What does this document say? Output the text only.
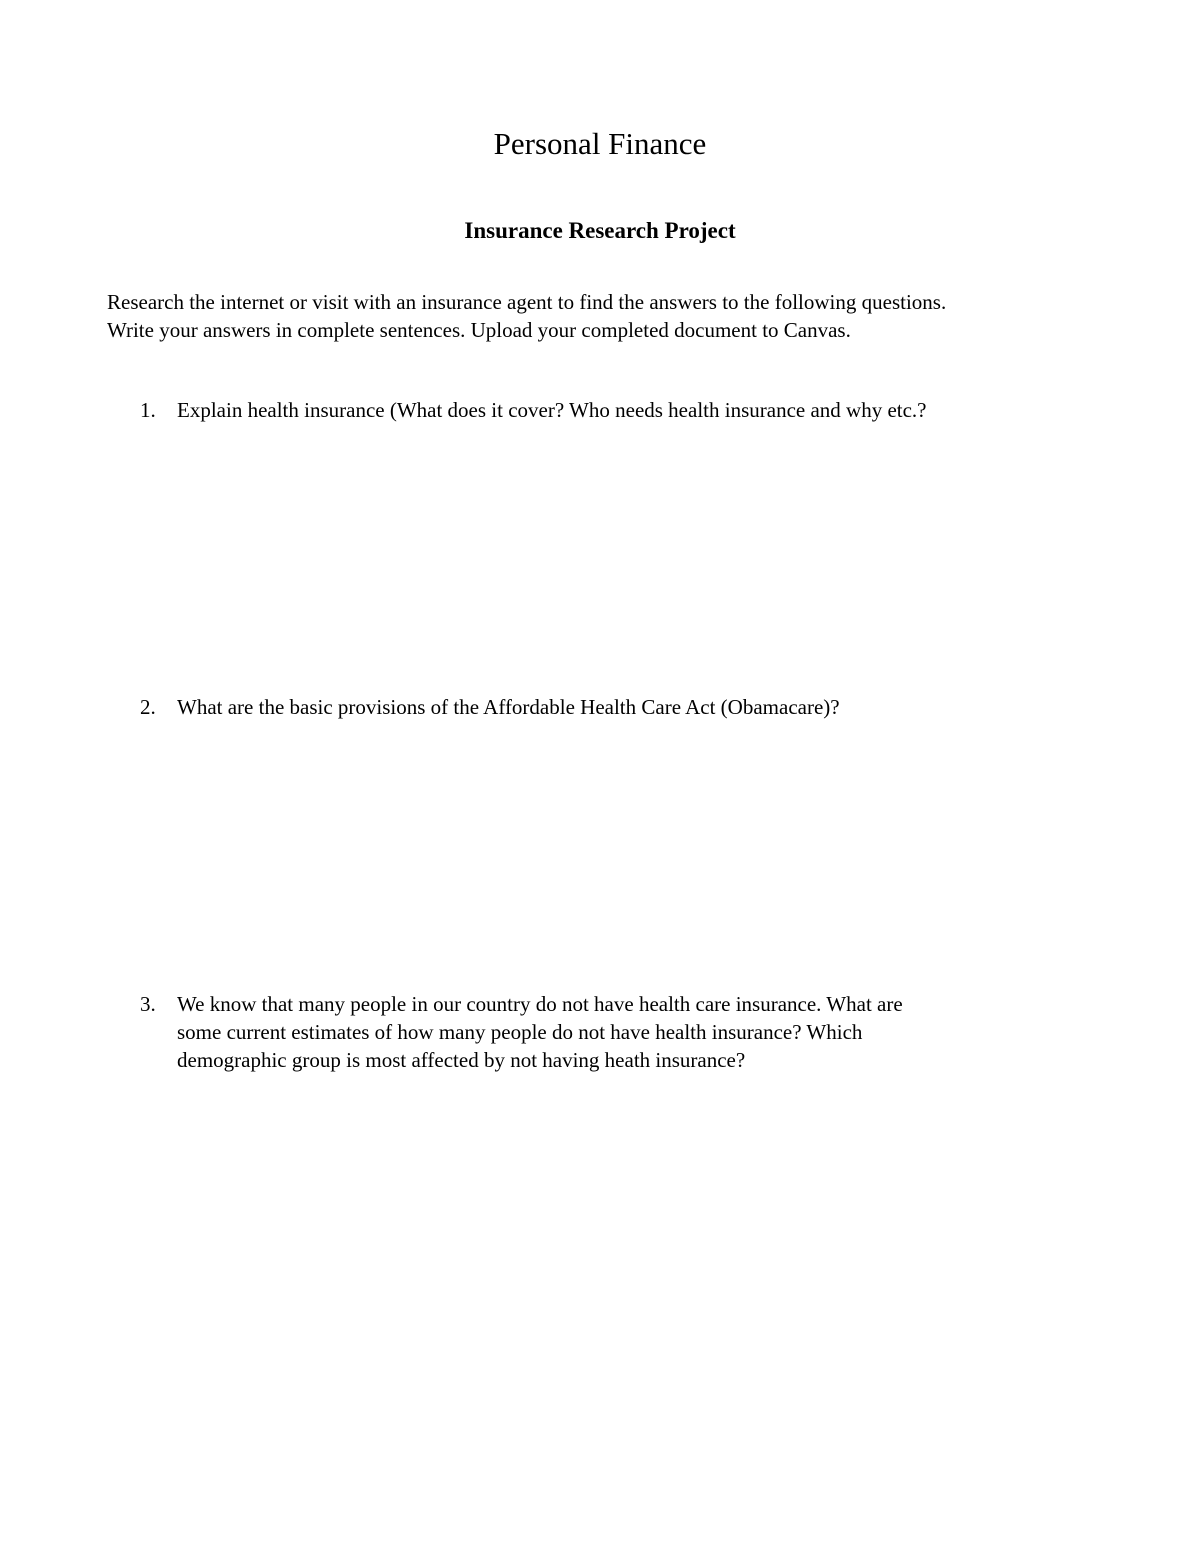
Personal Finance
Insurance Research Project

Research the internet or visit with an insurance agent to find the answers to the following questions.
Write your answers in complete sentences. Upload your completed document to Canvas.

1.	Explain health insurance (What does it cover? Who needs health insurance and why etc.?
2.	What are the basic provisions of the Affordable Health Care Act (Obamacare)?
3.	We know that many people in our country do not have health care insurance. What are
some current estimates of how many people do not have health insurance? Which
demographic group is most affected by not having heath insurance?
